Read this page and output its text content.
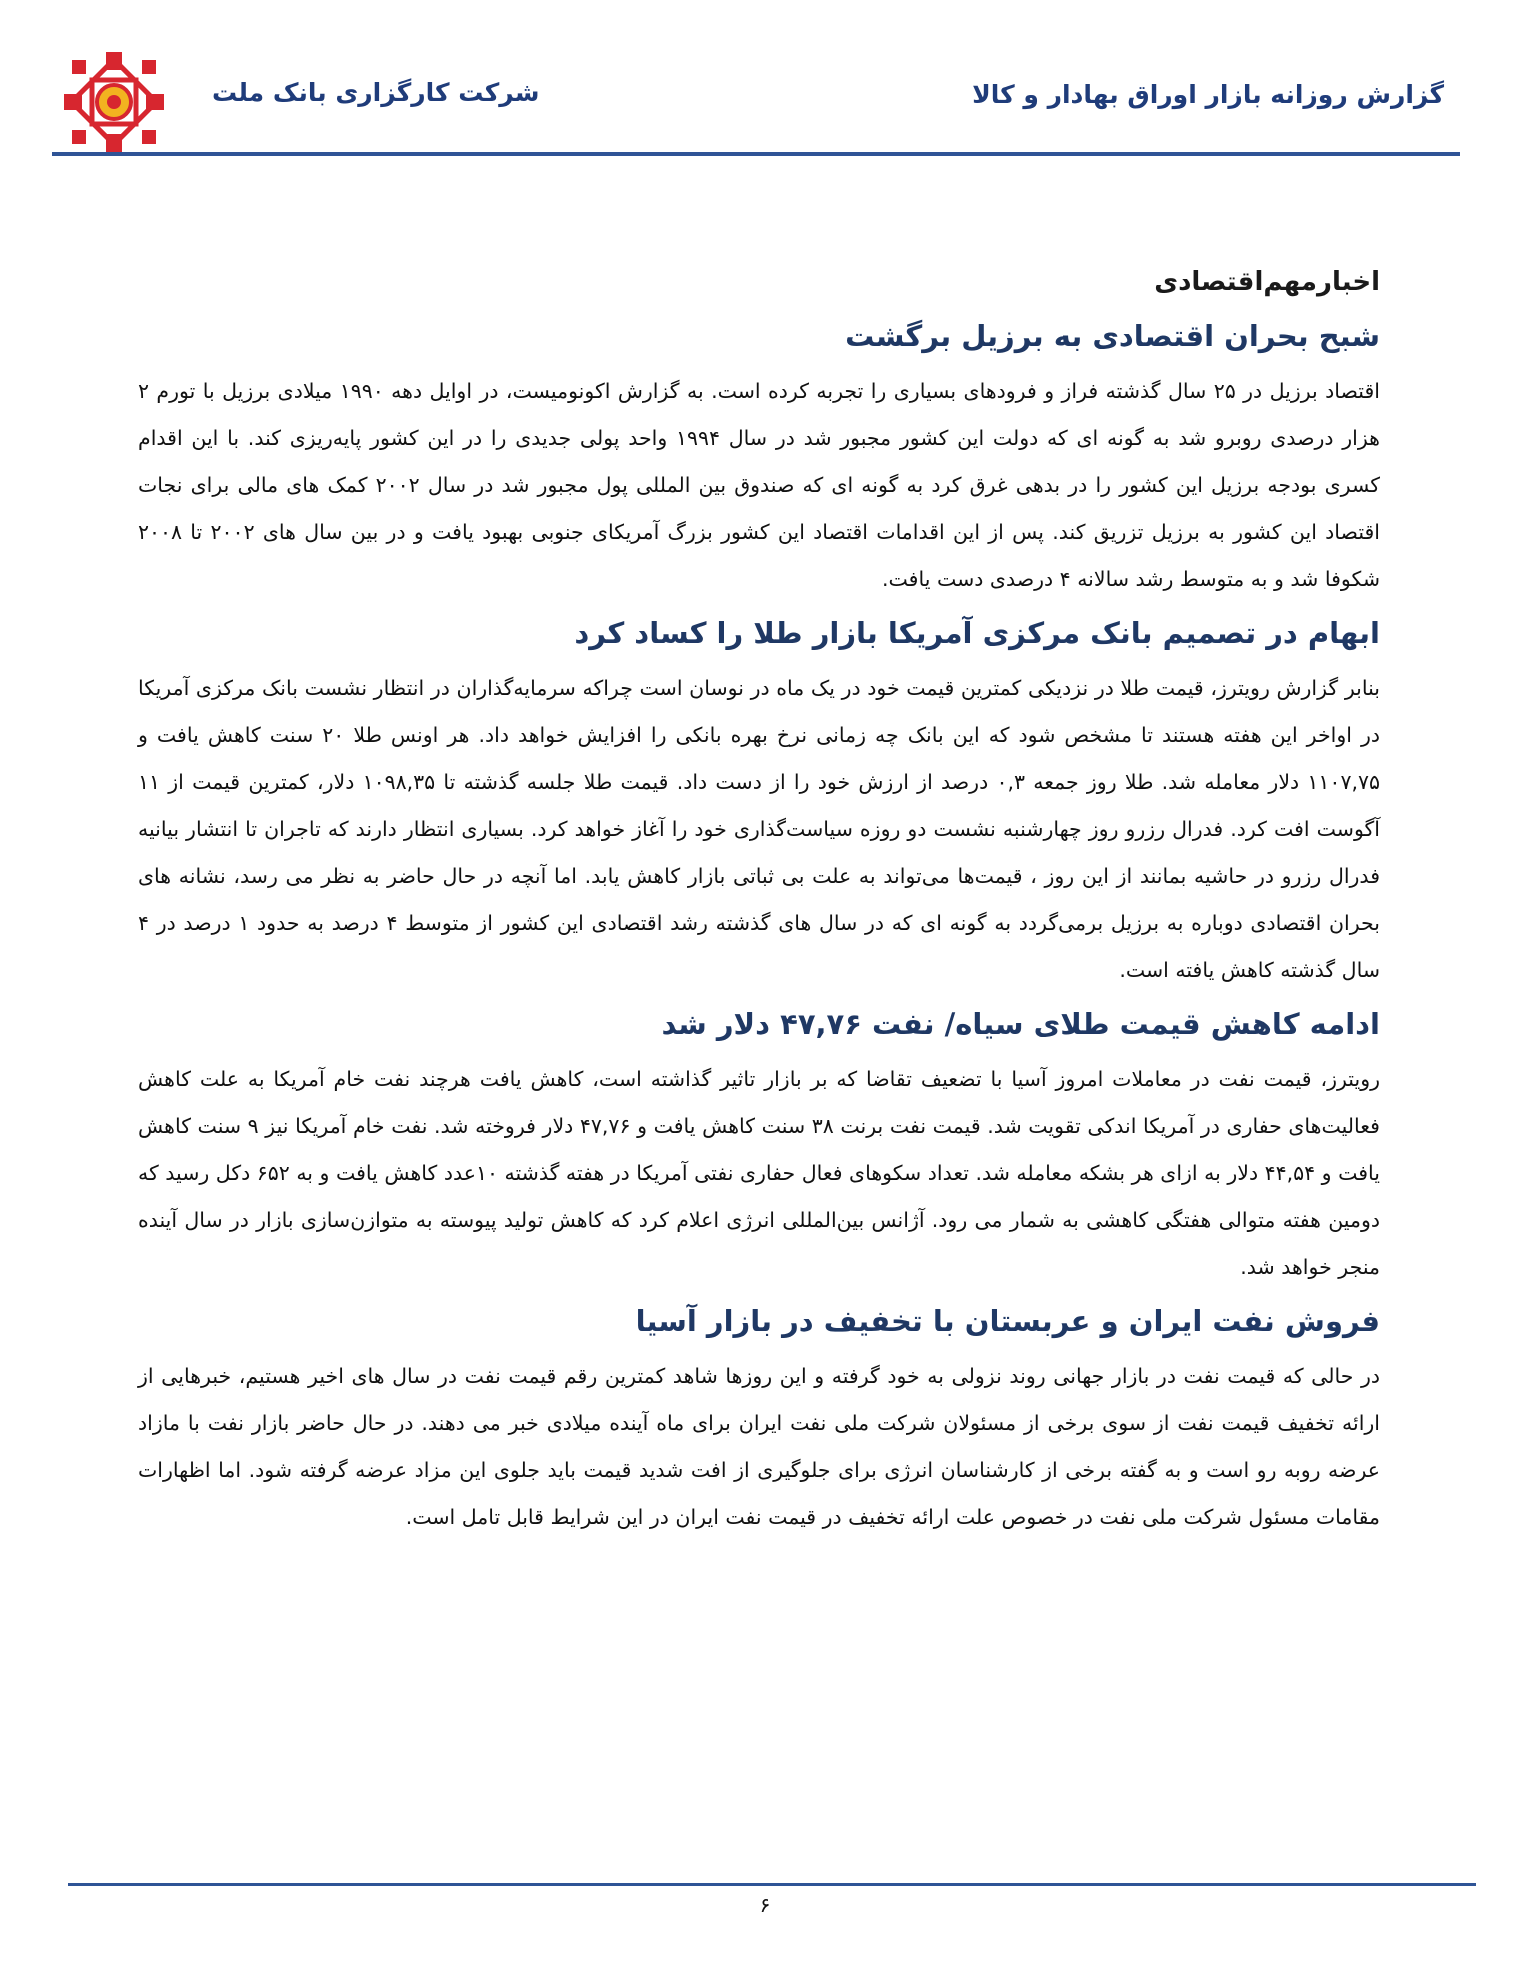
شرکت کارگزاری بانک ملت	گزارش روزانه بازار اوراق بهادار و کالا
اخبارمهم‌اقتصادی
شبح بحران اقتصادی به برزیل برگشت
اقتصاد برزیل در ۲۵ سال گذشته فراز و فرودهای بسیاری را تجربه کرده است. به گزارش اکونومیست، در اوایل دهه ۱۹۹۰ میلادی برزیل با تورم ۲ هزار درصدی روبرو شد به گونه ای که دولت این کشور مجبور شد در سال ۱۹۹۴ واحد پولی جدیدی را در این کشور پایه‌ریزی کند. با این اقدام کسری بودجه برزیل این کشور را در بدهی غرق کرد به گونه ای که صندوق بین المللی پول مجبور شد در سال ۲۰۰۲ کمک های مالی برای نجات اقتصاد این کشور به برزیل تزریق کند. پس از این اقدامات اقتصاد این کشور بزرگ آمریکای جنوبی بهبود یافت و در بین سال های ۲۰۰۲ تا ۲۰۰۸ شکوفا شد و به متوسط رشد سالانه ۴ درصدی دست یافت.
ابهام در تصمیم بانک مرکزی آمریکا بازار طلا را کساد کرد
بنابر گزارش رویترز، قیمت طلا در نزدیکی کمترین قیمت خود در یک ماه در نوسان است چراکه سرمایه‌گذاران در انتظار نشست بانک مرکزی آمریکا در اواخر این هفته هستند تا مشخص شود که این بانک چه زمانی نرخ بهره بانکی را افزایش خواهد داد. هر اونس طلا ۲۰ سنت کاهش یافت و ۱۱۰۷,۷۵ دلار معامله شد. طلا روز جمعه ۰,۳ درصد از ارزش خود را از دست داد. قیمت طلا جلسه گذشته تا ۱۰۹۸,۳۵ دلار، کمترین قیمت از ۱۱ آگوست افت کرد. فدرال رزرو روز چهارشنبه نشست دو روزه سیاست‌گذاری خود را آغاز خواهد کرد. بسیاری انتظار دارند که تاجران تا انتشار بیانیه فدرال رزرو در حاشیه بمانند از این روز ، قیمت‌ها می‌تواند به علت بی ثباتی بازار کاهش یابد. اما آنچه در حال حاضر به نظر می رسد، نشانه های بحران اقتصادی دوباره به برزیل برمی‌گردد به گونه ای که در سال های گذشته رشد اقتصادی این کشور از متوسط ۴ درصد به حدود ۱ درصد در ۴ سال گذشته کاهش یافته است.
ادامه کاهش قیمت طلای سیاه/ نفت ۴۷,۷۶ دلار شد
رویترز، قیمت نفت در معاملات امروز آسیا با تضعیف تقاضا که بر بازار تاثیر گذاشته است، کاهش یافت هرچند نفت خام آمریکا به علت کاهش فعالیت‌های حفاری در آمریکا اندکی تقویت شد. قیمت نفت برنت ۳۸ سنت کاهش یافت و ۴۷,۷۶ دلار فروخته شد. نفت خام آمریکا نیز ۹ سنت کاهش یافت و ۴۴,۵۴ دلار به ازای هر بشکه معامله شد. تعداد سکوهای فعال حفاری نفتی آمریکا در هفته گذشته ۱۰عدد کاهش یافت و به ۶۵۲ دکل رسید که دومین هفته متوالی هفتگی کاهشی به شمار می رود. آژانس بین‌المللی انرژی اعلام کرد که کاهش تولید پیوسته به متوازن‌سازی بازار در سال آینده منجر خواهد شد.
فروش نفت ایران و عربستان با تخفیف در بازار آسیا
در حالی که قیمت نفت در بازار جهانی روند نزولی به خود گرفته و این روزها شاهد کمترین رقم قیمت نفت در سال های اخیر هستیم، خبرهایی از ارائه تخفیف قیمت نفت از سوی برخی از مسئولان شرکت ملی نفت ایران برای ماه آینده میلادی خبر می دهند. در حال حاضر بازار نفت با مازاد عرضه روبه رو است و به گفته برخی از کارشناسان انرژی برای جلوگیری از افت شدید قیمت باید جلوی این مزاد عرضه گرفته شود. اما اظهارات مقامات مسئول شرکت ملی نفت در خصوص علت ارائه تخفیف در قیمت نفت ایران در این شرایط قابل تامل است.
۶
